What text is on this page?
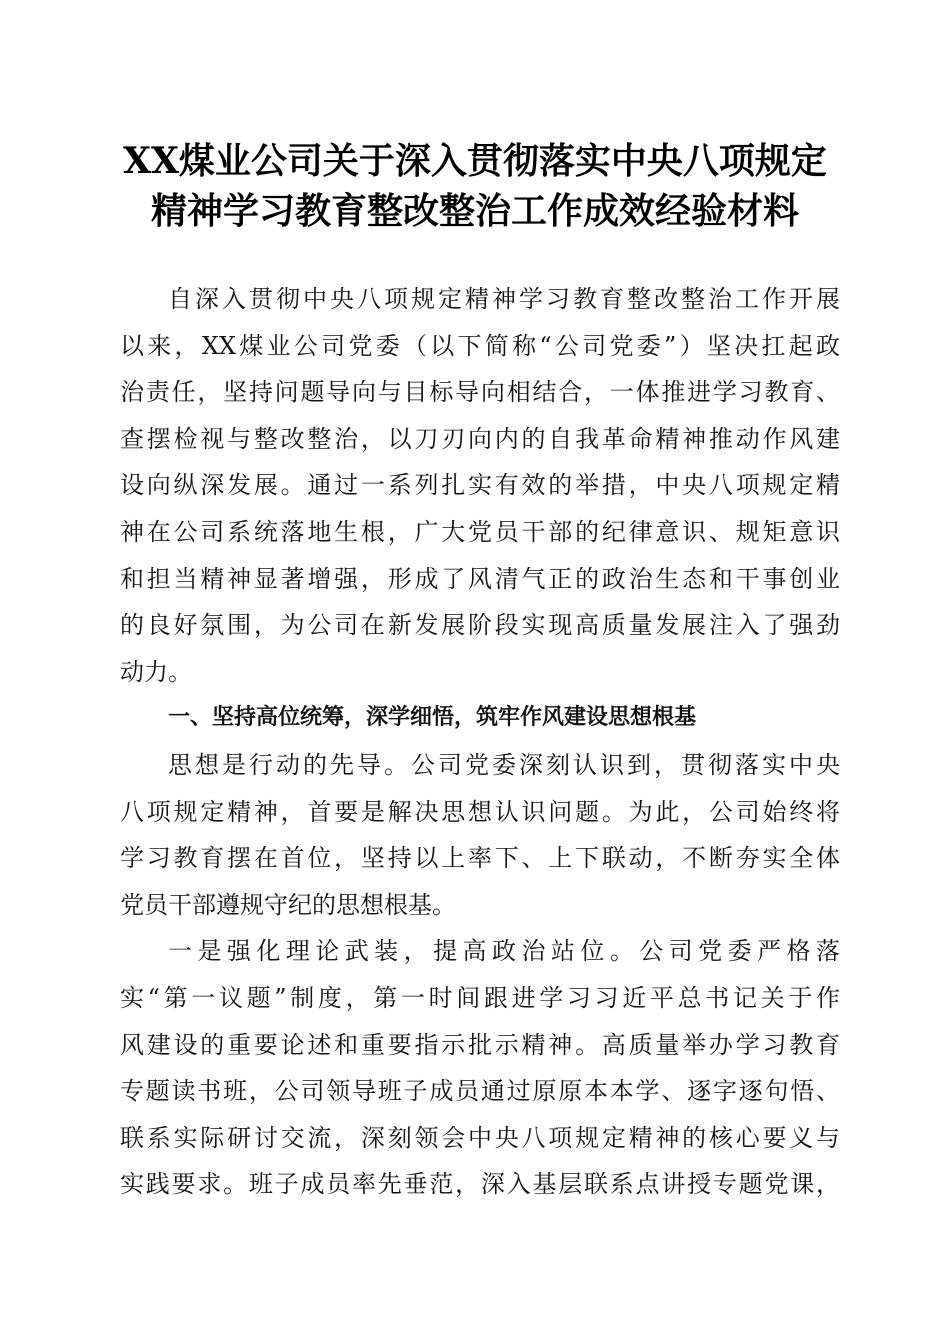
XX煤业公司关于深入贯彻落实中央八项规定
精神学习教育整改整治工作成效经验材料
自深入贯彻中央八项规定精神学习教育整改整治工作开展
以来，XX煤业公司党委（以下简称“公司党委”）坚决扛起政
治责任，坚持问题导向与目标导向相结合，一体推进学习教育、
查摆检视与整改整治，以刀刃向内的自我革命精神推动作风建
设向纵深发展。通过一系列扎实有效的举措，中央八项规定精
神在公司系统落地生根，广大党员干部的纪律意识、规矩意识
和担当精神显著增强，形成了风清气正的政治生态和干事创业
的良好氛围，为公司在新发展阶段实现高质量发展注入了强劲
动力。
一、坚持高位统筹，深学细悟，筑牢作风建设思想根基
思想是行动的先导。公司党委深刻认识到，贯彻落实中央
八项规定精神，首要是解决思想认识问题。为此，公司始终将
学习教育摆在首位，坚持以上率下、上下联动，不断夯实全体
党员干部遵规守纪的思想根基。
一是强化理论武装，提高政治站位。公司党委严格落
实“第一议题”制度，第一时间跟进学习习近平总书记关于作
风建设的重要论述和重要指示批示精神。高质量举办学习教育
专题读书班，公司领导班子成员通过原原本本学、逐字逐句悟、
联系实际研讨交流，深刻领会中央八项规定精神的核心要义与
实践要求。班子成员率先垂范，深入基层联系点讲授专题党课，
